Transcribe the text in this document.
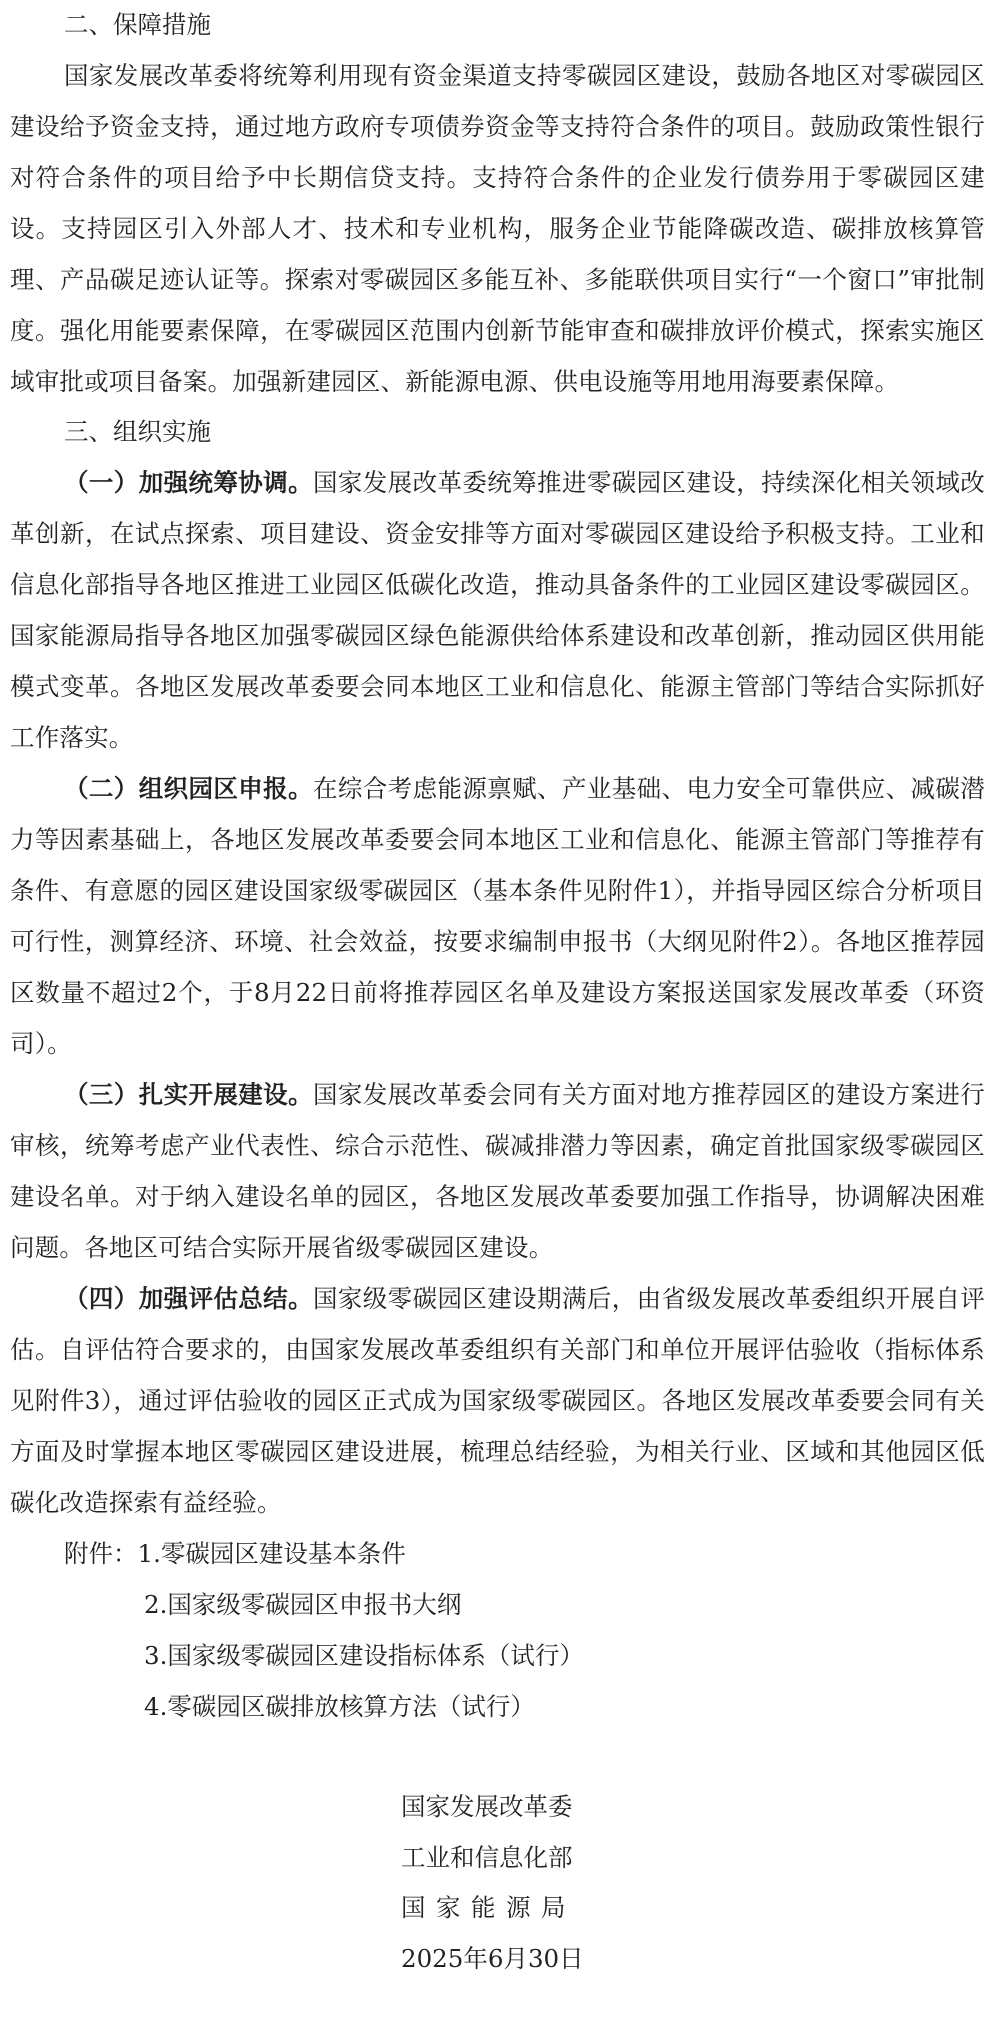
二、保障措施

国家发展改革委将统筹利用现有资金渠道支持零碳园区建设，鼓励各地区对零碳园区建设给予资金支持，通过地方政府专项债券资金等支持符合条件的项目。鼓励政策性银行对符合条件的项目给予中长期信贷支持。支持符合条件的企业发行债券用于零碳园区建设。支持园区引入外部人才、技术和专业机构，服务企业节能降碳改造、碳排放核算管理、产品碳足迹认证等。探索对零碳园区多能互补、多能联供项目实行“一个窗口”审批制度。强化用能要素保障，在零碳园区范围内创新节能审查和碳排放评价模式，探索实施区域审批或项目备案。加强新建园区、新能源电源、供电设施等用地用海要素保障。

三、组织实施

（一）加强统筹协调。国家发展改革委统筹推进零碳园区建设，持续深化相关领域改革创新，在试点探索、项目建设、资金安排等方面对零碳园区建设给予积极支持。工业和信息化部指导各地区推进工业园区低碳化改造，推动具备条件的工业园区建设零碳园区。国家能源局指导各地区加强零碳园区绿色能源供给体系建设和改革创新，推动园区供用能模式变革。各地区发展改革委要会同本地区工业和信息化、能源主管部门等结合实际抓好工作落实。

（二）组织园区申报。在综合考虑能源禀赋、产业基础、电力安全可靠供应、减碳潜力等因素基础上，各地区发展改革委要会同本地区工业和信息化、能源主管部门等推荐有条件、有意愿的园区建设国家级零碳园区（基本条件见附件1），并指导园区综合分析项目可行性，测算经济、环境、社会效益，按要求编制申报书（大纲见附件2）。各地区推荐园区数量不超过2个，于8月22日前将推荐园区名单及建设方案报送国家发展改革委（环资司）。

（三）扎实开展建设。国家发展改革委会同有关方面对地方推荐园区的建设方案进行审核，统筹考虑产业代表性、综合示范性、碳减排潜力等因素，确定首批国家级零碳园区建设名单。对于纳入建设名单的园区，各地区发展改革委要加强工作指导，协调解决困难问题。各地区可结合实际开展省级零碳园区建设。

（四）加强评估总结。国家级零碳园区建设期满后，由省级发展改革委组织开展自评估。自评估符合要求的，由国家发展改革委组织有关部门和单位开展评估验收（指标体系见附件3），通过评估验收的园区正式成为国家级零碳园区。各地区发展改革委要会同有关方面及时掌握本地区零碳园区建设进展，梳理总结经验，为相关行业、区域和其他园区低碳化改造探索有益经验。

附件：1.零碳园区建设基本条件

2.国家级零碳园区申报书大纲

3.国家级零碳园区建设指标体系（试行）

4.零碳园区碳排放核算方法（试行）

国家发展改革委

工业和信息化部

国家能源局

2025年6月30日
